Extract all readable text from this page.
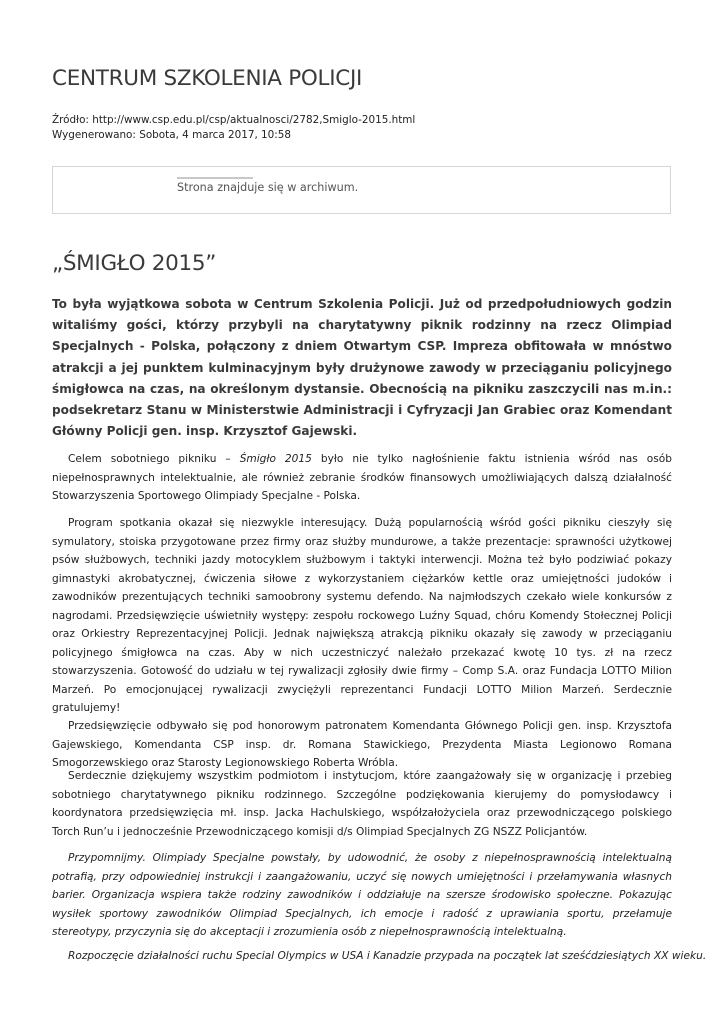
CENTRUM SZKOLENIA POLICJI
Źródło: http://www.csp.edu.pl/csp/aktualnosci/2782,Smiglo-2015.html
Wygenerowano: Sobota, 4 marca 2017, 10:58
Strona znajduje się w archiwum.
„ŚMIGŁO 2015”

To była wyjątkowa sobota w Centrum Szkolenia Policji. Już od przedpołudniowych godzin witaliśmy gości, którzy przybyli na charytatywny piknik rodzinny na rzecz Olimpiad Specjalnych - Polska, połączony z dniem Otwartym CSP. Impreza obfitowała w mnóstwo atrakcji a jej punktem kulminacyjnym były drużynowe zawody w przeciąganiu policyjnego śmigłowca na czas, na określonym dystansie. Obecnością na pikniku zaszczycili nas m.in.: podsekretarz Stanu w Ministerstwie Administracji i Cyfryzacji Jan Grabiec oraz Komendant Główny Policji gen. insp. Krzysztof Gajewski.

Celem sobotniego pikniku – Śmigło 2015 było nie tylko nagłośnienie faktu istnienia wśród nas osób niepełnosprawnych intelektualnie, ale również zebranie środków finansowych umożliwiających dalszą działalność Stowarzyszenia Sportowego Olimpiady Specjalne - Polska.

Program spotkania okazał się niezwykle interesujący. Dużą popularnością wśród gości pikniku cieszyły się symulatory, stoiska przygotowane przez firmy oraz służby mundurowe, a także prezentacje: sprawności użytkowej psów służbowych, techniki jazdy motocyklem służbowym i taktyki interwencji. Można też było podziwiać pokazy gimnastyki akrobatycznej, ćwiczenia siłowe z wykorzystaniem ciężarków kettle oraz umiejętności judoków i zawodników prezentujących techniki samoobrony systemu defendo. Na najmłodszych czekało wiele konkursów z nagrodami. Przedsięwzięcie uświetniły występy: zespołu rockowego Luźny Squad, chóru Komendy Stołecznej Policji oraz Orkiestry Reprezentacyjnej Policji. Jednak największą atrakcją pikniku okazały się zawody w przeciąganiu policyjnego śmigłowca na czas. Aby w nich uczestniczyć należało przekazać kwotę 10 tys. zł na rzecz stowarzyszenia. Gotowość do udziału w tej rywalizacji zgłosiły dwie firmy – Comp S.A. oraz Fundacja LOTTO Milion Marzeń. Po emocjonującej rywalizacji zwyciężyli reprezentanci Fundacji LOTTO Milion Marzeń. Serdecznie gratulujemy!

Przedsięwzięcie odbywało się pod honorowym patronatem Komendanta Głównego Policji gen. insp. Krzysztofa Gajewskiego, Komendanta CSP insp. dr. Romana Stawickiego, Prezydenta Miasta Legionowo Romana Smogorzewskiego oraz Starosty Legionowskiego Roberta Wróbla.

Serdecznie dziękujemy wszystkim podmiotom i instytucjom, które zaangażowały się w organizację i przebieg sobotniego charytatywnego pikniku rodzinnego. Szczególne podziękowania kierujemy do pomysłodawcy i koordynatora przedsięwzięcia mł. insp. Jacka Hachulskiego, współzałożyciela oraz przewodniczącego polskiego Torch Run’u i jednocześnie Przewodniczącego komisji d/s Olimpiad Specjalnych ZG NSZZ Policjantów.

Przypomnijmy. Olimpiady Specjalne powstały, by udowodnić, że osoby z niepełnosprawnością intelektualną potrafią, przy odpowiedniej instrukcji i zaangażowaniu, uczyć się nowych umiejętności i przełamywania własnych barier. Organizacja wspiera także rodziny zawodników i oddziałuje na szersze środowisko społeczne. Pokazując wysiłek sportowy zawodników Olimpiad Specjalnych, ich emocje i radość z uprawiania sportu, przełamuje stereotypy, przyczynia się do akceptacji i zrozumienia osób z niepełnosprawnością intelektualną.

Rozpoczęcie działalności ruchu Special Olympics w USA i Kanadzie przypada na początek lat sześćdziesiątych XX wieku.
